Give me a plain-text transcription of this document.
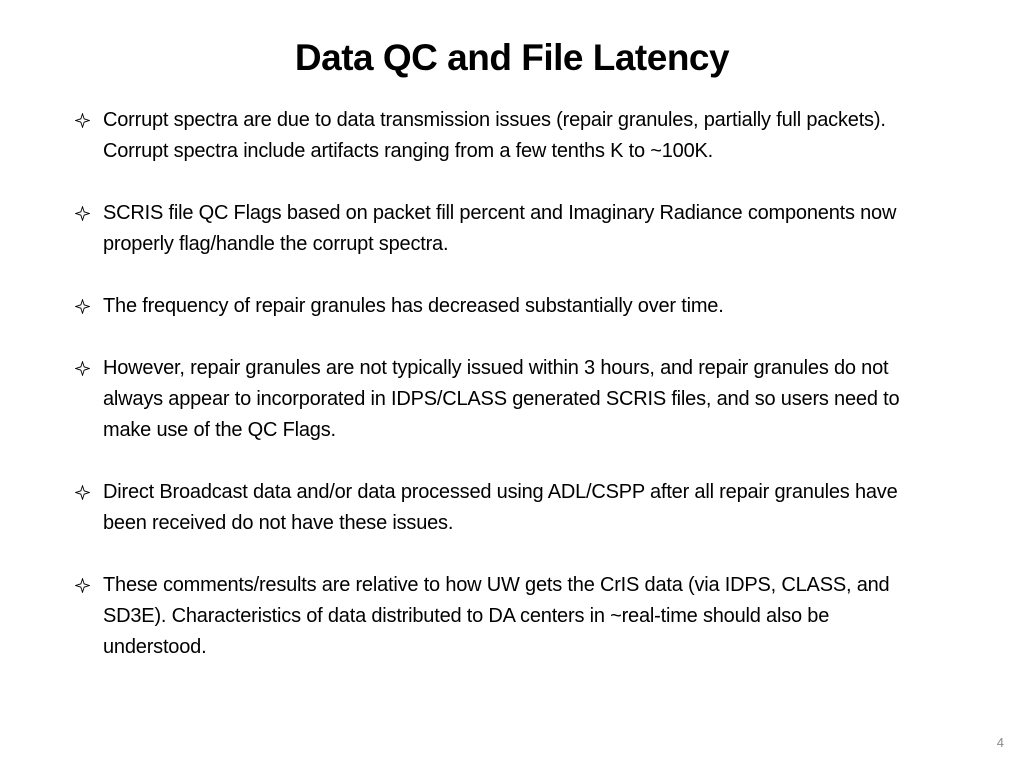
Data QC and File Latency
Corrupt spectra are due to data transmission issues (repair granules, partially full packets). Corrupt spectra include artifacts ranging from a few tenths K to ~100K.
SCRIS file QC Flags based on packet fill percent and Imaginary Radiance components now properly flag/handle the corrupt spectra.
The frequency of repair granules has decreased substantially over time.
However, repair granules are not typically issued within 3 hours, and repair granules do not always appear to incorporated in IDPS/CLASS generated SCRIS files, and so users need to make use of the QC Flags.
Direct Broadcast data and/or data processed using ADL/CSPP after all repair granules have been received do not have these issues.
These comments/results are relative to how UW gets the CrIS data (via IDPS, CLASS, and SD3E). Characteristics of data distributed to DA centers in ~real-time should also be understood.
4
